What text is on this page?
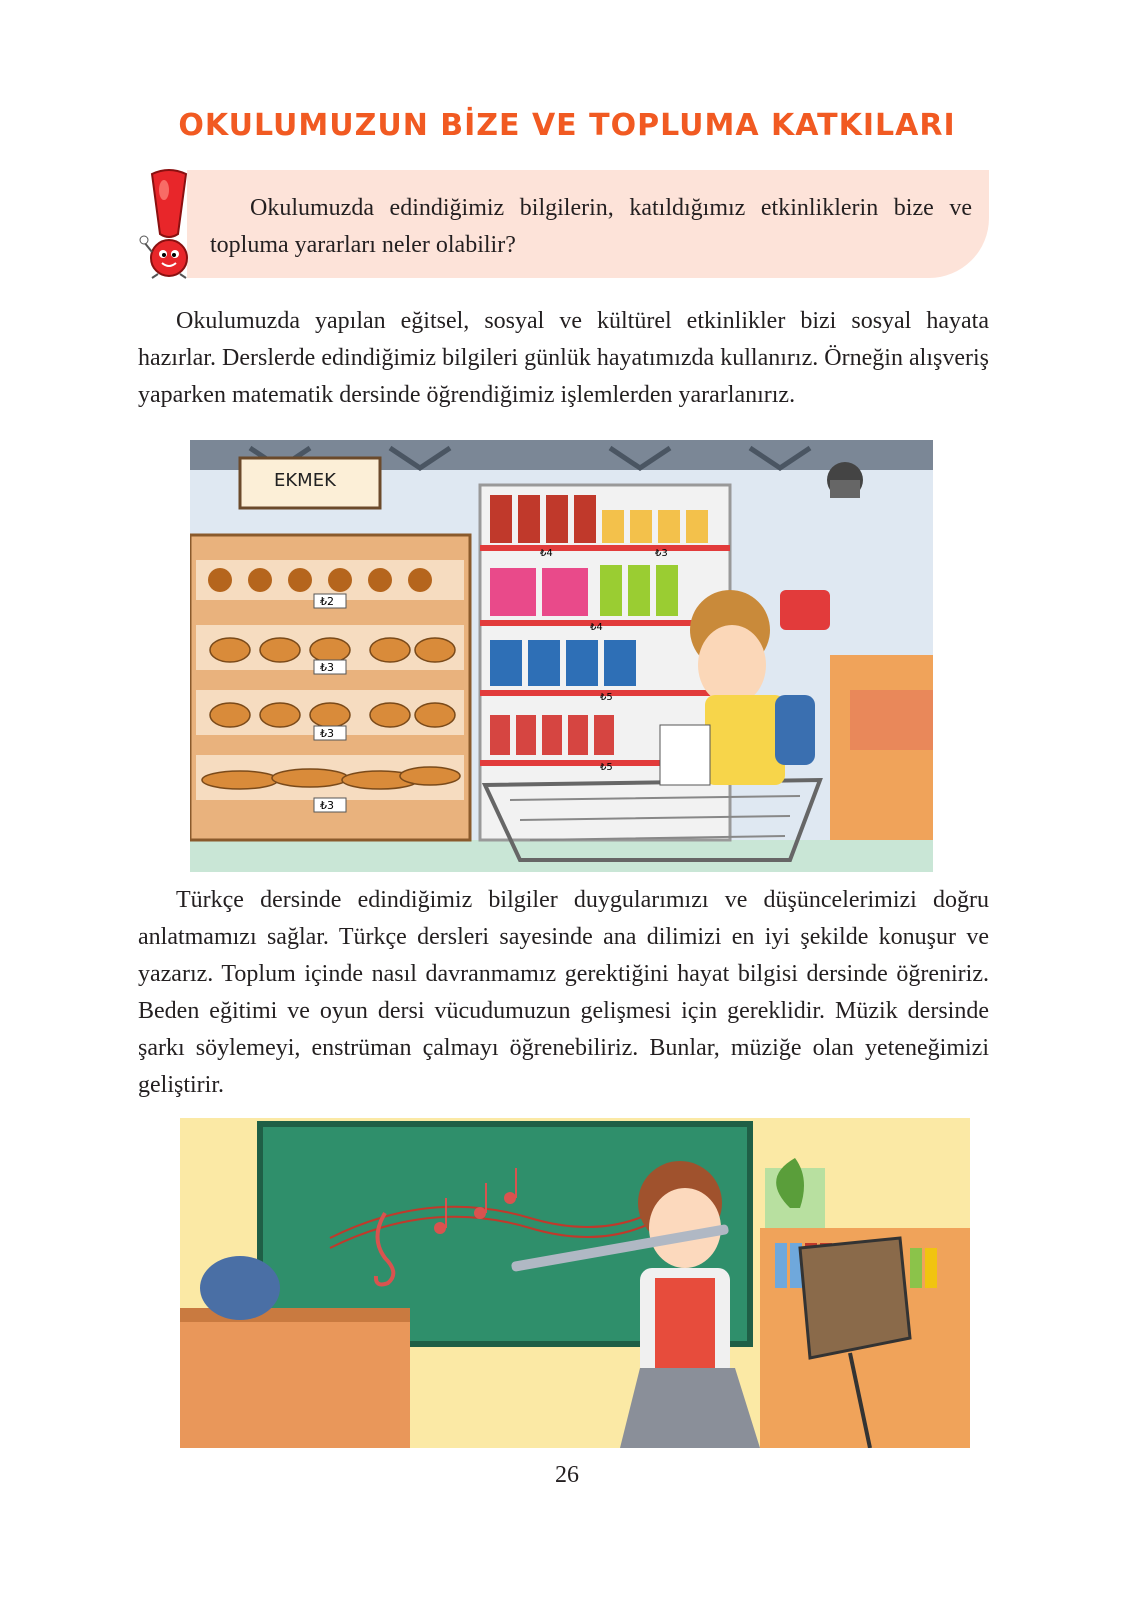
OKULUMUZUN BİZE VE TOPLUMA KATKILARI
Okulumuzda edindiğimiz bilgilerin, katıldığımız etkinliklerin bize ve topluma yararları neler olabilir?
Okulumuzda yapılan eğitsel, sosyal ve kültürel etkinlikler bizi sosyal hayata hazırlar. Derslerde edindiğimiz bilgileri günlük hayatımızda kullanırız. Örneğin alışveriş yaparken matematik dersinde öğrendiğimiz işlemlerden yararlanırız.
EKMEK
₺2
₺3
₺3
₺3
₺4	₺3
₺4
₺5
₺5
Türkçe dersinde edindiğimiz bilgiler duygularımızı ve düşüncelerimizi doğru anlatmamızı sağlar. Türkçe dersleri sayesinde ana dilimizi en iyi şekilde konuşur ve yazarız. Toplum içinde nasıl davranmamız gerektiğini hayat bilgisi dersinde öğreniriz. Beden eğitimi ve oyun dersi vücudumuzun gelişmesi için gereklidir. Müzik dersinde şarkı söylemeyi, enstrüman çalmayı öğrenebiliriz. Bunlar, müziğe olan yeteneğimizi geliştirir.
26
